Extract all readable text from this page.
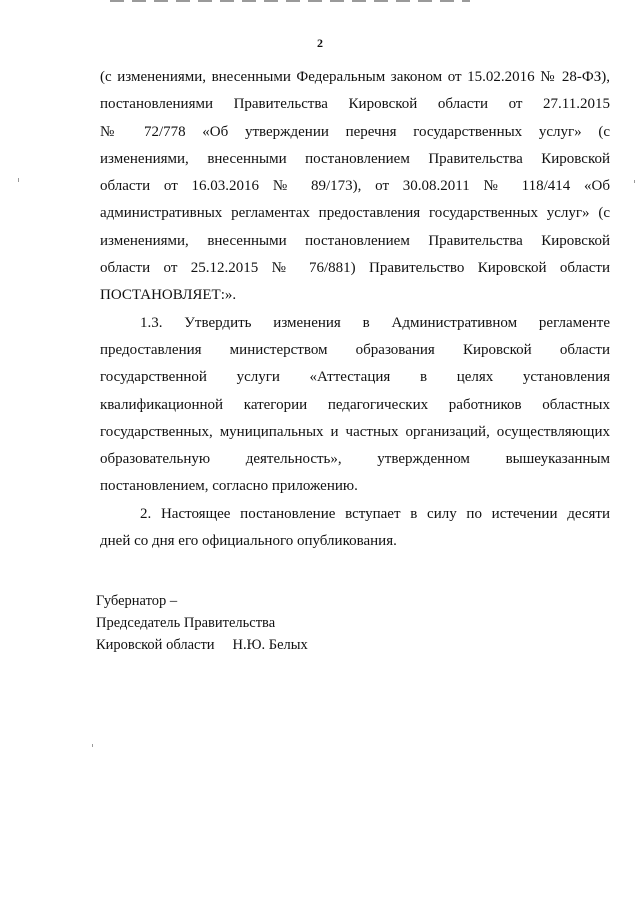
2
(с изменениями, внесенными Федеральным законом от 15.02.2016 № 28-ФЗ),
постановлениями Правительства Кировской области от 27.11.2015
№ 72/778 «Об утверждении перечня государственных услуг» (с
изменениями, внесенными постановлением Правительства Кировской
области от 16.03.2016 № 89/173), от 30.08.2011 № 118/414 «Об
административных регламентах предоставления государственных услуг» (с
изменениями, внесенными постановлением Правительства Кировской
области от 25.12.2015 № 76/881) Правительство Кировской области
ПОСТАНОВЛЯЕТ:».
1.3. Утвердить изменения в Административном регламенте
предоставления министерством образования Кировской области
государственной услуги «Аттестация в целях установления
квалификационной категории педагогических работников областных
государственных, муниципальных и частных организаций, осуществляющих
образовательную деятельность», утвержденном вышеуказанным
постановлением, согласно приложению.
2. Настоящее постановление вступает в силу по истечении десяти
дней со дня его официального опубликования.
Губернатор –
Председатель Правительства
Кировской области Н.Ю. Белых
